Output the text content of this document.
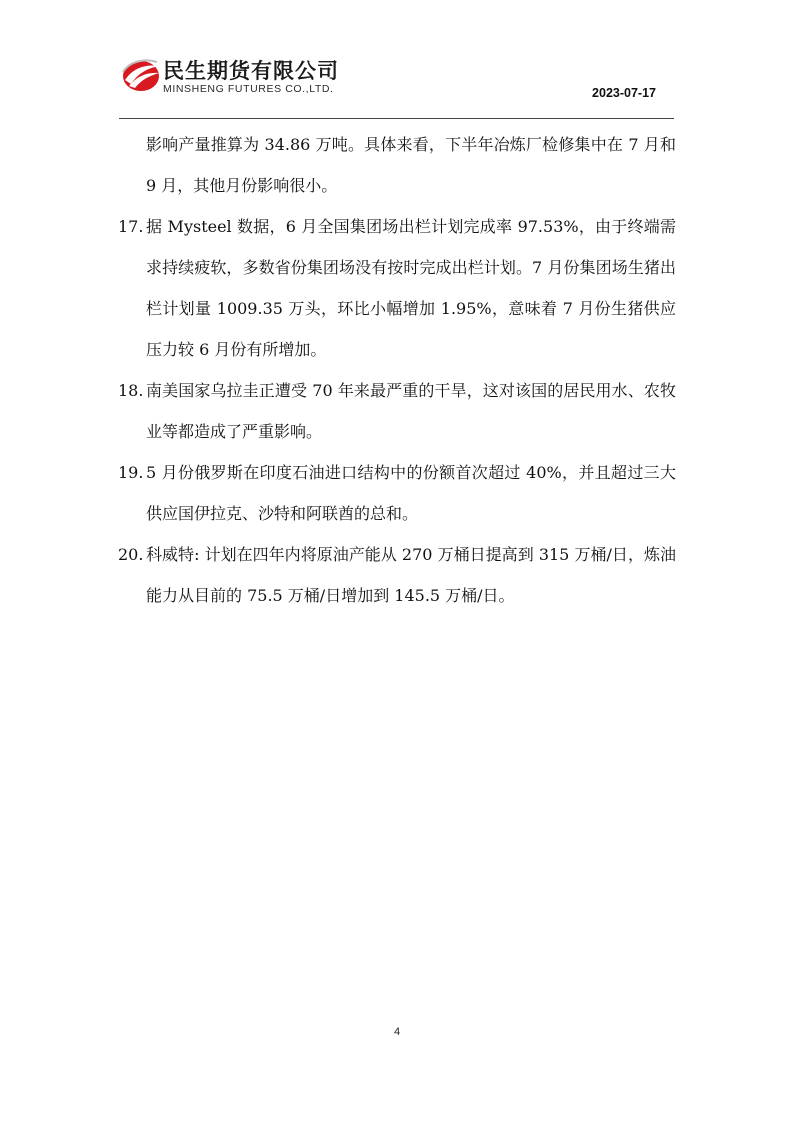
民生期货有限公司
MINSHENG FUTURES CO.,LTD.	2023-07-17
影响产量推算为 34.86 万吨。具体来看，下半年冶炼厂检修集中在 7 月和 9 月，其他月份影响很小。
17. 据 Mysteel 数据，6 月全国集团场出栏计划完成率 97.53%，由于终端需求持续疲软，多数省份集团场没有按时完成出栏计划。7 月份集团场生猪出栏计划量 1009.35 万头，环比小幅增加 1.95%，意味着 7 月份生猪供应压力较 6 月份有所增加。
18. 南美国家乌拉圭正遭受 70 年来最严重的干旱，这对该国的居民用水、农牧业等都造成了严重影响。
19. 5 月份俄罗斯在印度石油进口结构中的份额首次超过 40%，并且超过三大供应国伊拉克、沙特和阿联酋的总和。
20. 科威特: 计划在四年内将原油产能从 270 万桶日提高到 315 万桶/日，炼油能力从目前的 75.5 万桶/日增加到 145.5 万桶/日。
4
